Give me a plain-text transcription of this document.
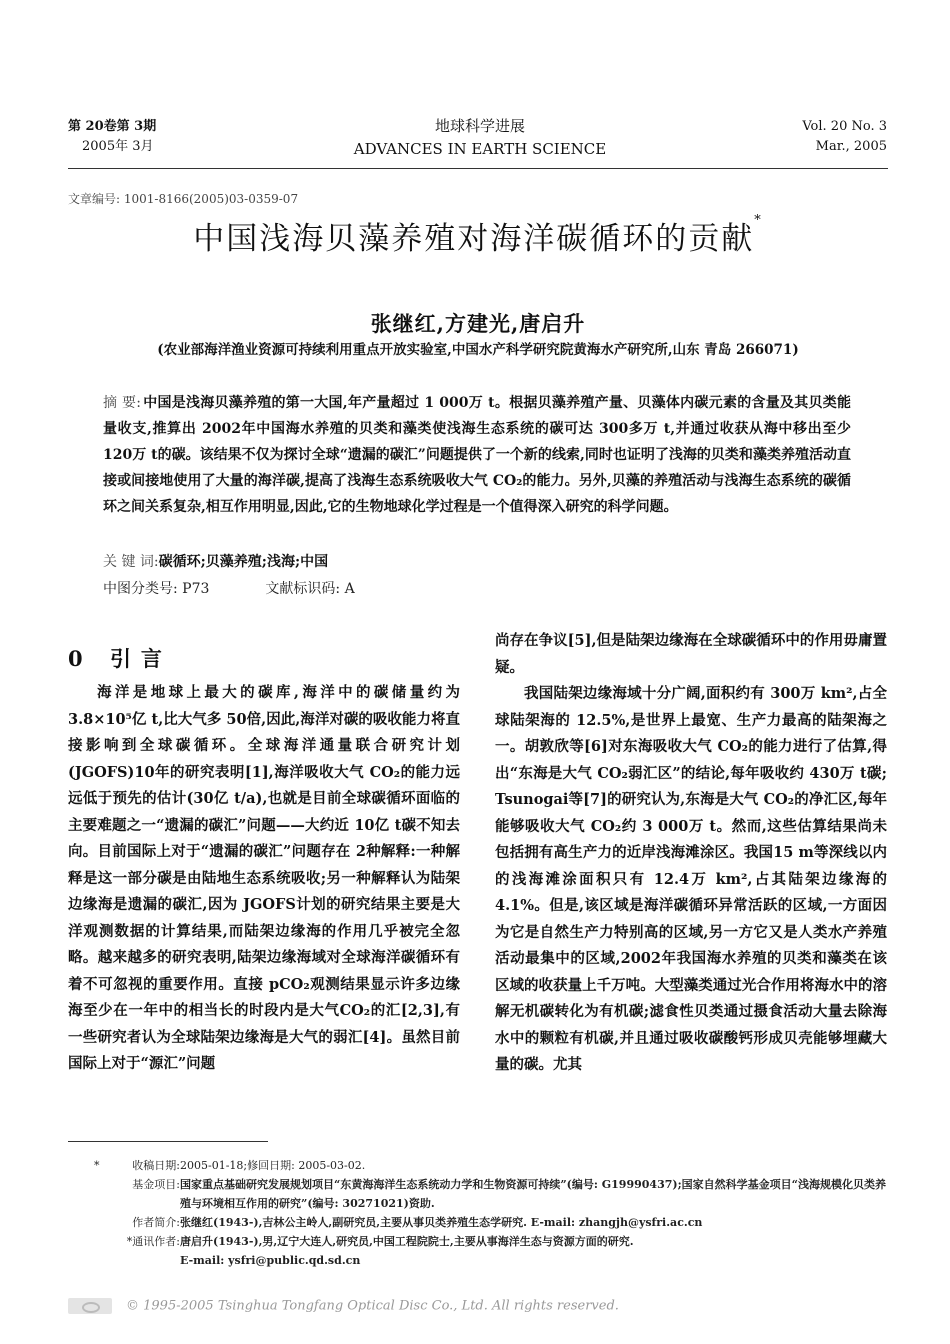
第 20卷第 3期
2005年 3月
地球科学进展
ADVANCES IN EARTH SCIENCE
Vol. 20 No. 3
Mar., 2005
文章编号: 1001-8166(2005)03-0359-07
中国浅海贝藻养殖对海洋碳循环的贡献*
张继红,方建光,唐启升
(农业部海洋渔业资源可持续利用重点开放实验室,中国水产科学研究院黄海水产研究所,山东 青岛 266071)
摘 要: 中国是浅海贝藻养殖的第一大国,年产量超过 1 000万 t。根据贝藻养殖产量、贝藻体内碳元素的含量及其贝类能量收支,推算出 2002年中国海水养殖的贝类和藻类使浅海生态系统的碳可达 300多万 t,并通过收获从海中移出至少 120万 t的碳。该结果不仅为探讨全球“遗漏的碳汇”问题提供了一个新的线索,同时也证明了浅海的贝类和藻类养殖活动直接或间接地使用了大量的海洋碳,提高了浅海生态系统吸收大气 CO₂的能力。另外,贝藻的养殖活动与浅海生态系统的碳循环之间关系复杂,相互作用明显,因此,它的生物地球化学过程是一个值得深入研究的科学问题。
关 键 词:碳循环;贝藻养殖;浅海;中国
中图分类号: P73	文献标识码: A
0 引言

海洋是地球上最大的碳库,海洋中的碳储量约为 3.8×10⁵亿 t,比大气多 50倍,因此,海洋对碳的吸收能力将直接影响到全球碳循环。全球海洋通量联合研究计划(JGOFS)10年的研究表明[1],海洋吸收大气 CO₂的能力远远低于预先的估计(30亿 t/a),也就是目前全球碳循环面临的主要难题之一“遗漏的碳汇”问题——大约近 10亿 t碳不知去向。目前国际上对于“遗漏的碳汇”问题存在 2种解释:一种解释是这一部分碳是由陆地生态系统吸收;另一种解释认为陆架边缘海是遗漏的碳汇,因为 JGOFS计划的研究结果主要是大洋观测数据的计算结果,而陆架边缘海的作用几乎被完全忽略。越来越多的研究表明,陆架边缘海域对全球海洋碳循环有着不可忽视的重要作用。直接 pCO₂观测结果显示许多边缘海至少在一年中的相当长的时段内是大气CO₂的汇[2,3],有一些研究者认为全球陆架边缘海是大气的弱汇[4]。虽然目前国际上对于“源汇”问题

尚存在争议[5],但是陆架边缘海在全球碳循环中的作用毋庸置疑。

我国陆架边缘海域十分广阔,面积约有 300万 km²,占全球陆架海的 12.5%,是世界上最宽、生产力最高的陆架海之一。胡敦欣等[6]对东海吸收大气 CO₂的能力进行了估算,得出“东海是大气 CO₂弱汇区”的结论,每年吸收约 430万 t碳; Tsunogai等[7]的研究认为,东海是大气 CO₂的净汇区,每年能够吸收大气 CO₂约 3 000万 t。然而,这些估算结果尚未包括拥有高生产力的近岸浅海滩涂区。我国15 m等深线以内的浅海滩涂面积只有 12.4万 km²,占其陆架边缘海的 4.1%。但是,该区域是海洋碳循环异常活跃的区域,一方面因为它是自然生产力特别高的区域,另一方它又是人类水产养殖活动最集中的区域,2002年我国海水养殖的贝类和藻类在该区域的收获量上千万吨。大型藻类通过光合作用将海水中的溶解无机碳转化为有机碳;滤食性贝类通过摄食活动大量去除海水中的颗粒有机碳,并且通过吸收碳酸钙形成贝壳能够埋藏大量的碳。尤其

*	收稿日期: 2005-01-18;修回日期: 2005-03-02.
基金项目: 国家重点基础研究发展规划项目“东黄海海洋生态系统动力学和生物资源可持续”(编号: G19990437);国家自然科学基金项目“浅海规模化贝类养殖与环境相互作用的研究”(编号: 30271021)资助.
作者简介: 张继红(1943-),吉林公主岭人,副研究员,主要从事贝类养殖生态学研究. E-mail: zhangjh@ysfri.ac.cn
*通讯作者: 唐启升(1943-),男,辽宁大连人,研究员,中国工程院院士,主要从事海洋生态与资源方面的研究.
E-mail: ysfri@public.qd.sd.cn
© 1995-2005 Tsinghua Tongfang Optical Disc Co., Ltd. All rights reserved.
